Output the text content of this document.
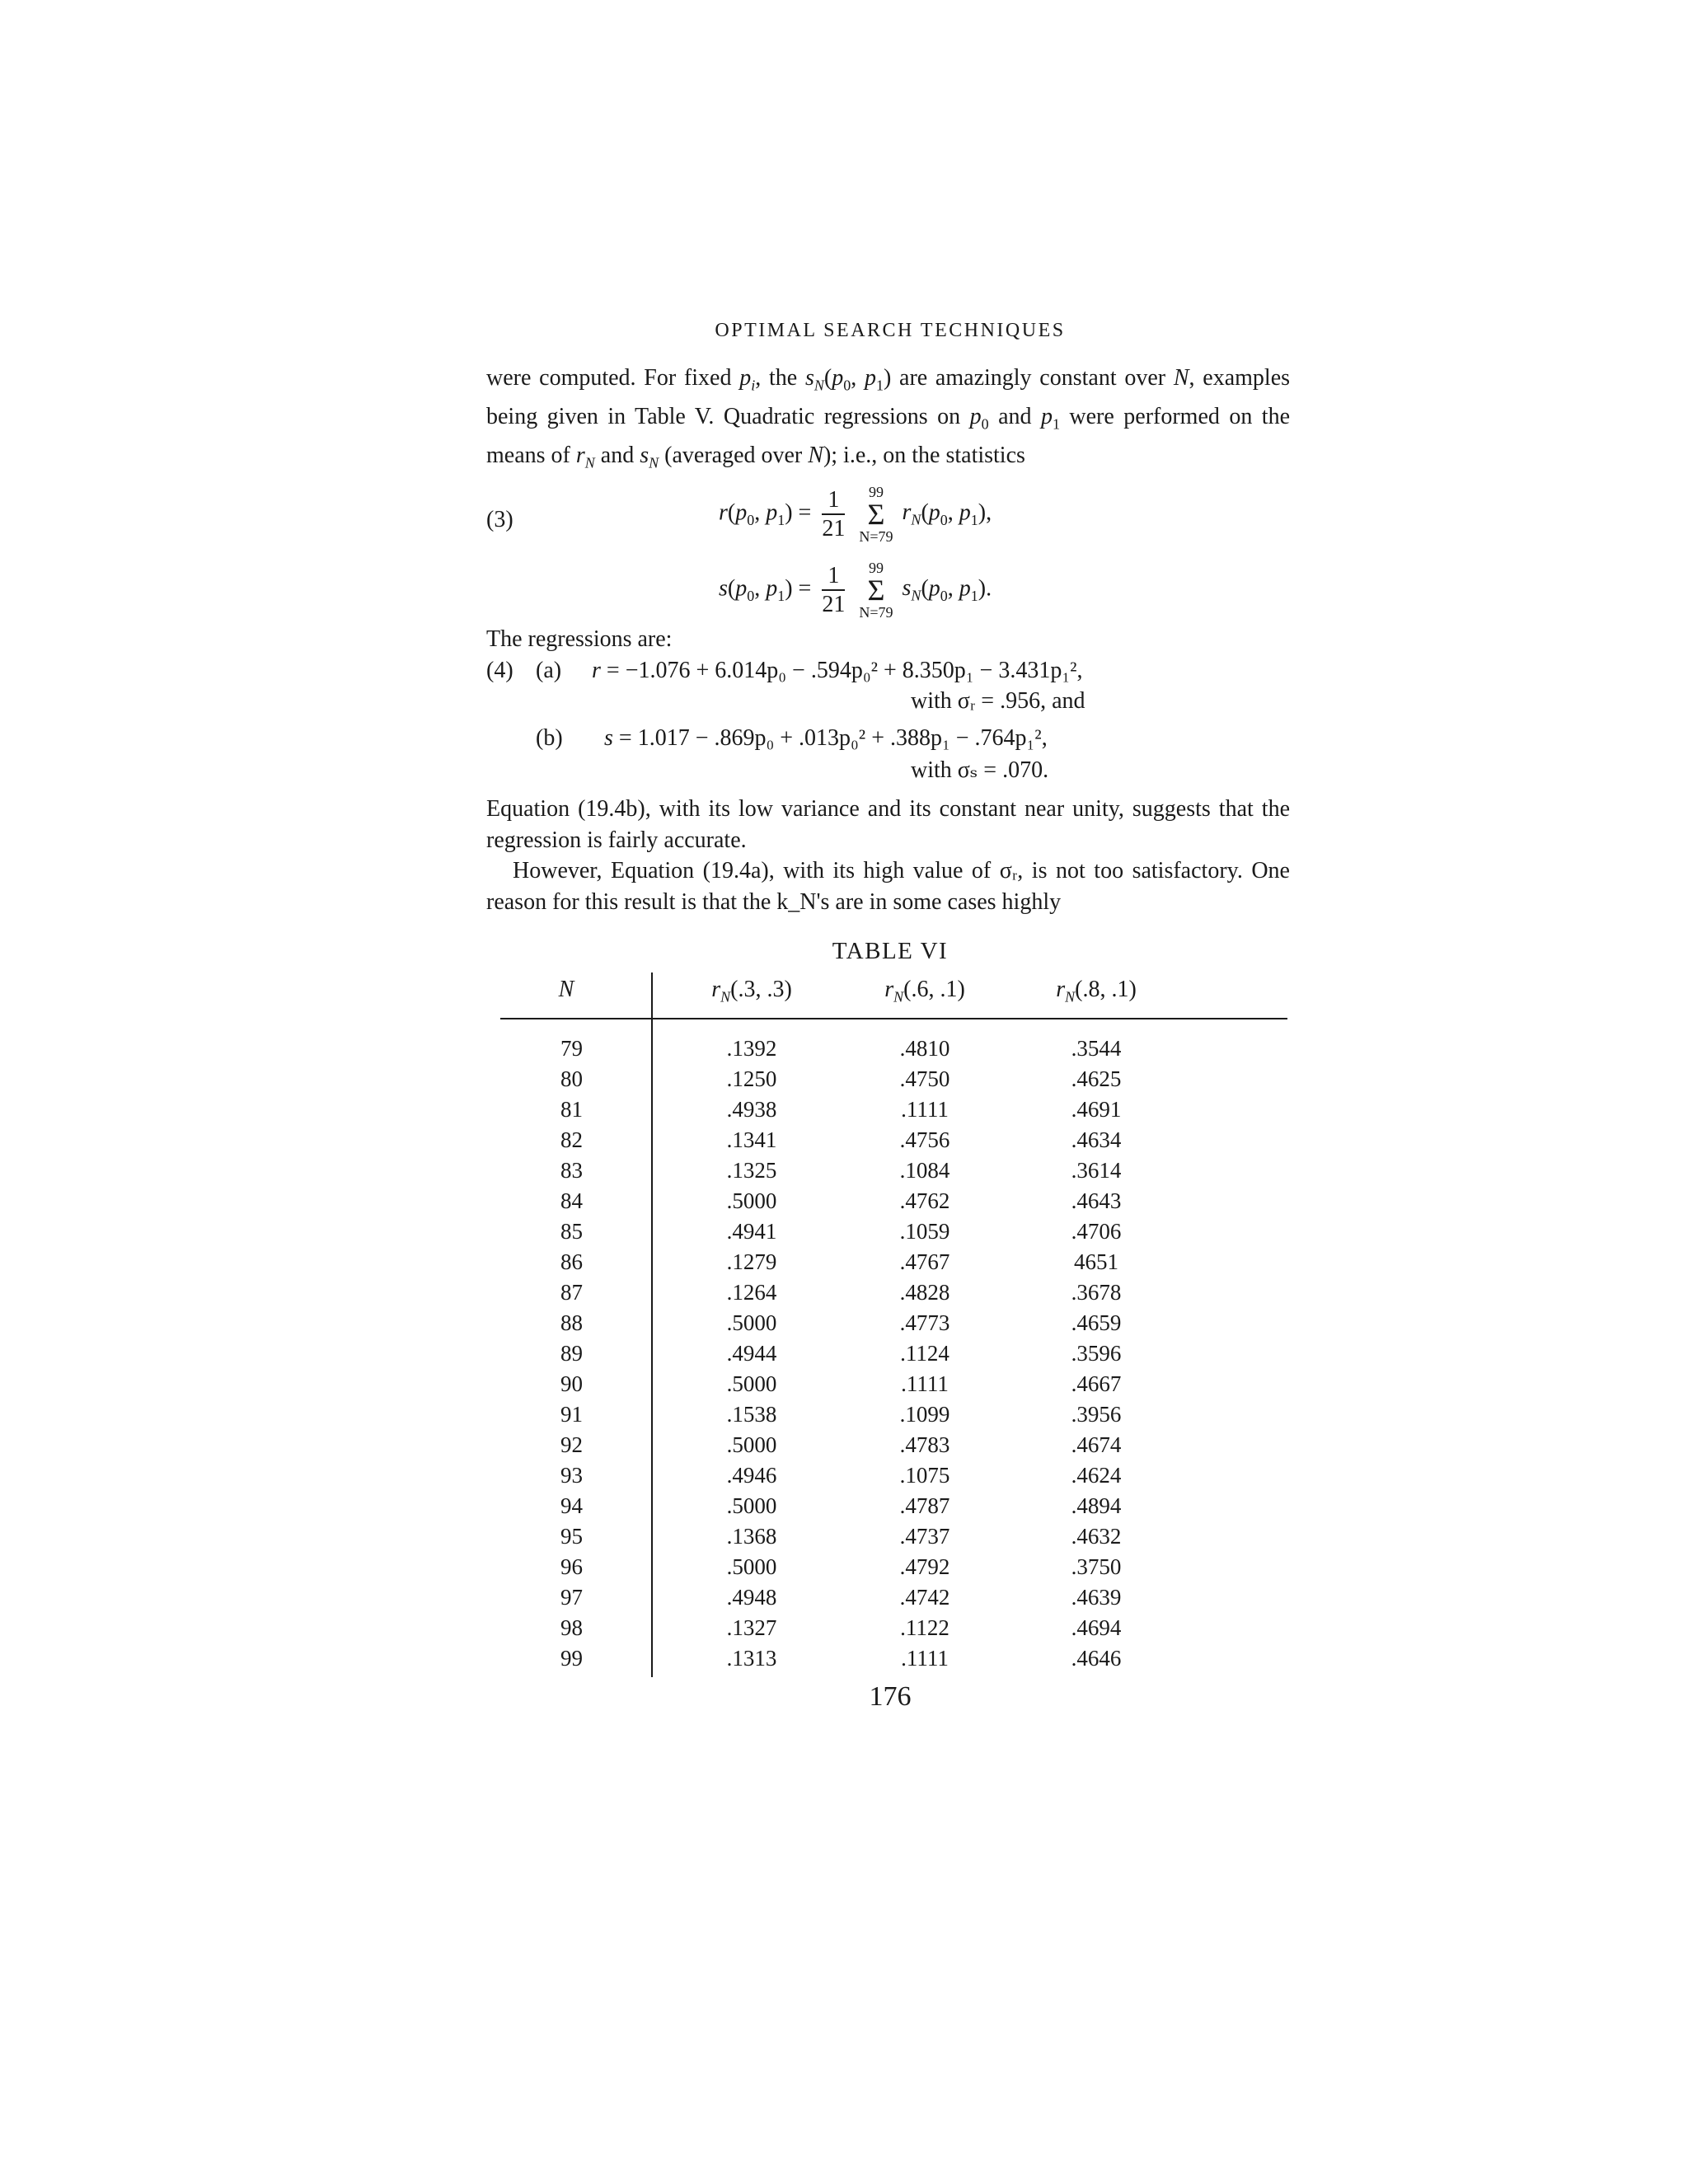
OPTIMAL SEARCH TECHNIQUES

were computed. For fixed $p_i$, the $s_N(p_0$, $p_1$) are amazingly constant over N, examples being given in Table V. Quadratic regressions on $p_0$ and $p_1$ were performed on the means of $r_N$ and $s_N$ (averaged over N); i.e., on the statistics

(3)	$r(p_0$, $p_1) = \frac{1}{21}$
	99
Σ
N=79
$r_N(p_0$, $p_1$),
$s(p_0$, $p_1) = \frac{1}{21}$
	99
Σ
N=79
$s_N(p_0$, $p_1$).
The regressions are:
(4) (a) r = −1.076 + 6.014p₀ − .594p₀² + 8.350p₁ − 3.431p₁²,
with σᵣ = .956, and
(b) s = 1.017 − .869p₀ + .013p₀² + .388p₁ − .764p₁²,
with σₛ = .070.

Equation (19.4b), with its low variance and its constant near unity, suggests that the regression is fairly accurate.

However, Equation (19.4a), with its high value of σᵣ, is not too satisfactory. One reason for this result is that the k_N's are in some cases highly

TABLE VI
N	$r_N(.3$, .3)	$r_N(.6$, .1)	$r_N(.8$, .1)
79	.1392	.4810	.3544
80	.1250	.4750	.4625
81	.4938	.1111	.4691
82	.1341	.4756	.4634
83	.1325	.1084	.3614
84	.5000	.4762	.4643
85	.4941	.1059	.4706
86	.1279	.4767	4651
87	.1264	.4828	.3678
88	.5000	.4773	.4659
89	.4944	.1124	.3596
90	.5000	.1111	.4667
91	.1538	.1099	.3956
92	.5000	.4783	.4674
93	.4946	.1075	.4624
94	.5000	.4787	.4894
95	.1368	.4737	.4632
96	.5000	.4792	.3750
97	.4948	.4742	.4639
98	.1327	.1122	.4694
99	.1313	.1111	.4646
176
